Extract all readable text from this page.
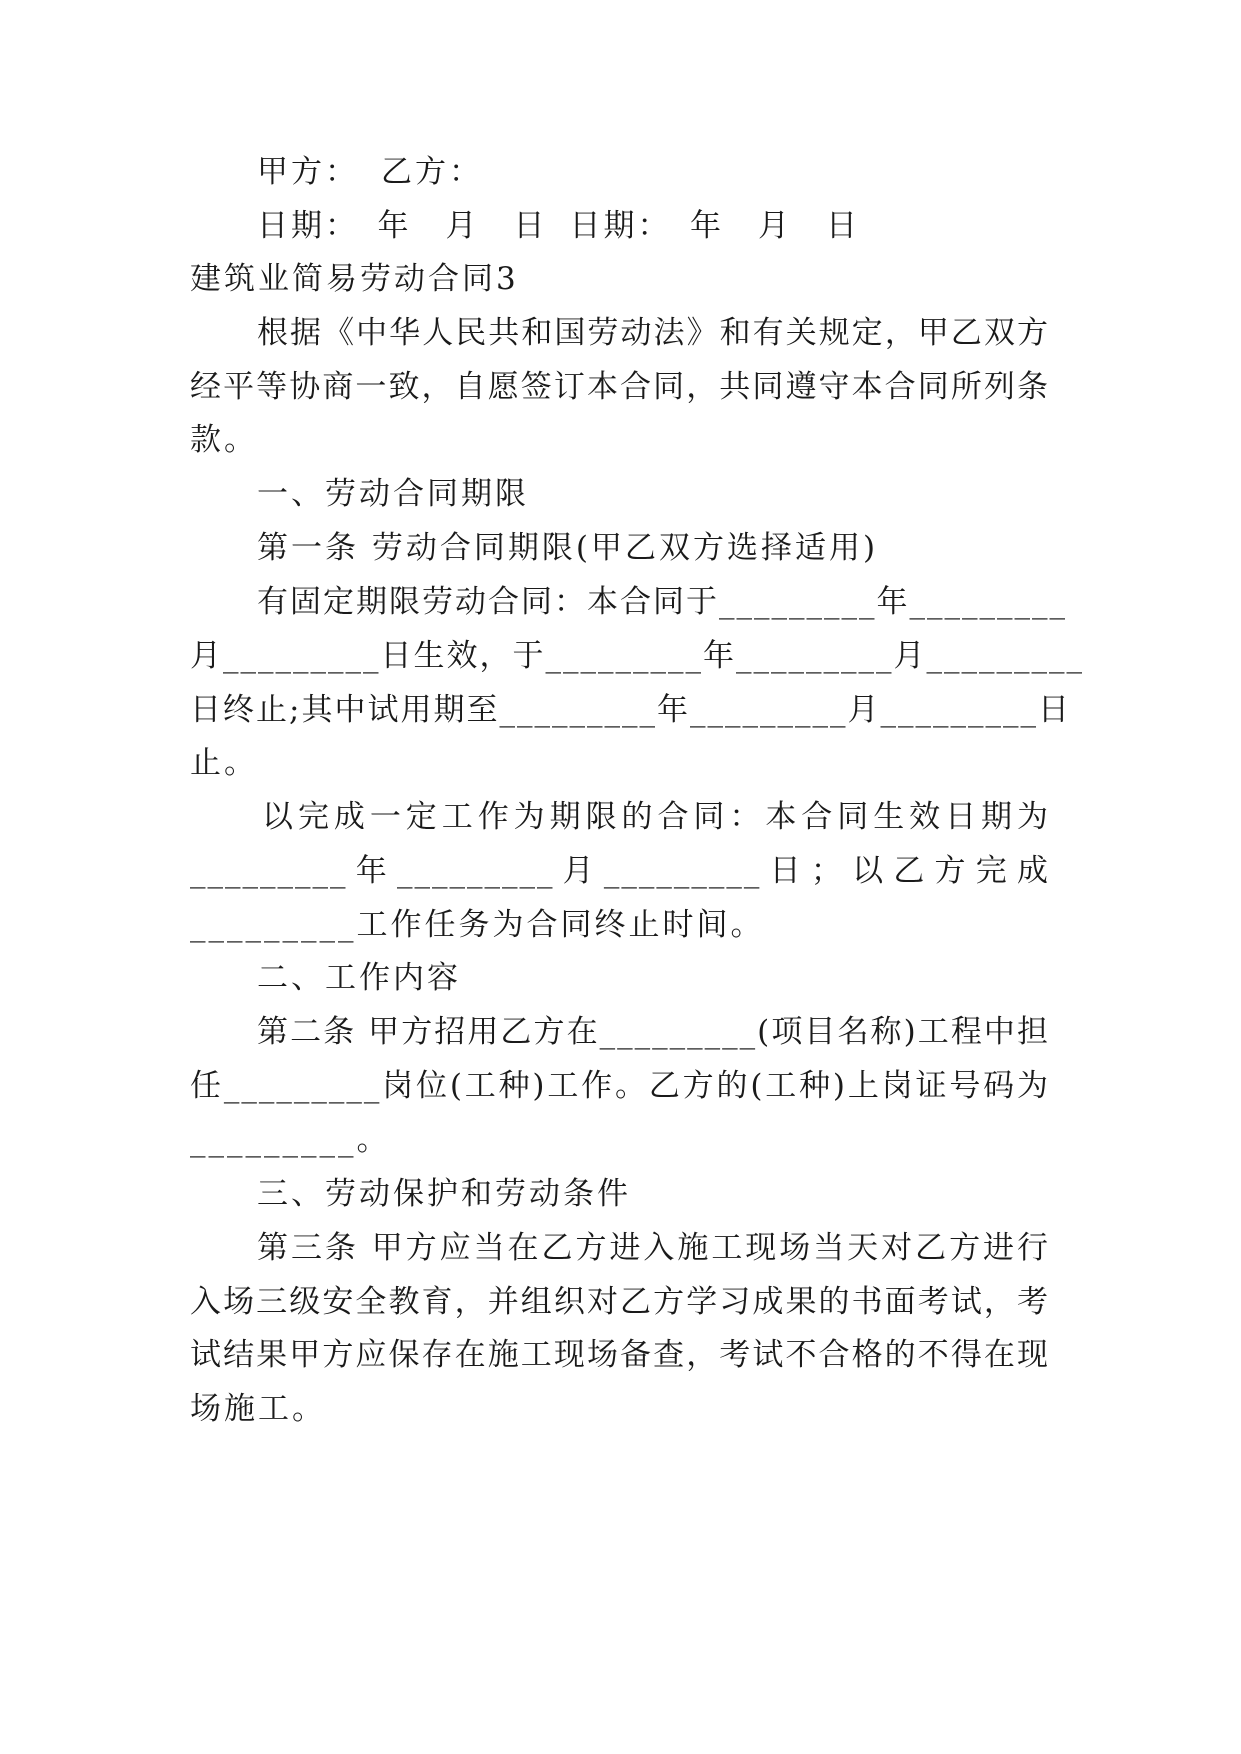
甲方： 乙方：
日期：　年　月　日 日期：　年　月　日
建筑业简易劳动合同3
根据《中华人民共和国劳动法》和有关规定，甲乙双方
经平等协商一致，自愿签订本合同，共同遵守本合同所列条
款。
一、劳动合同期限
第一条 劳动合同期限(甲乙双方选择适用)
有固定期限劳动合同：本合同于_________年_________
月_________日生效，于_________年_________月_________
日终止;其中试用期至_________年_________月_________日
止。
以完成一定工作为期限的合同：本合同生效日期为
_________年_________月_________日；以乙方完成
_________工作任务为合同终止时间。
二、工作内容
第二条 甲方招用乙方在_________(项目名称)工程中担
任_________岗位(工种)工作。乙方的(工种)上岗证号码为
_________。
三、劳动保护和劳动条件
第三条 甲方应当在乙方进入施工现场当天对乙方进行
入场三级安全教育，并组织对乙方学习成果的书面考试，考
试结果甲方应保存在施工现场备查，考试不合格的不得在现
场施工。
